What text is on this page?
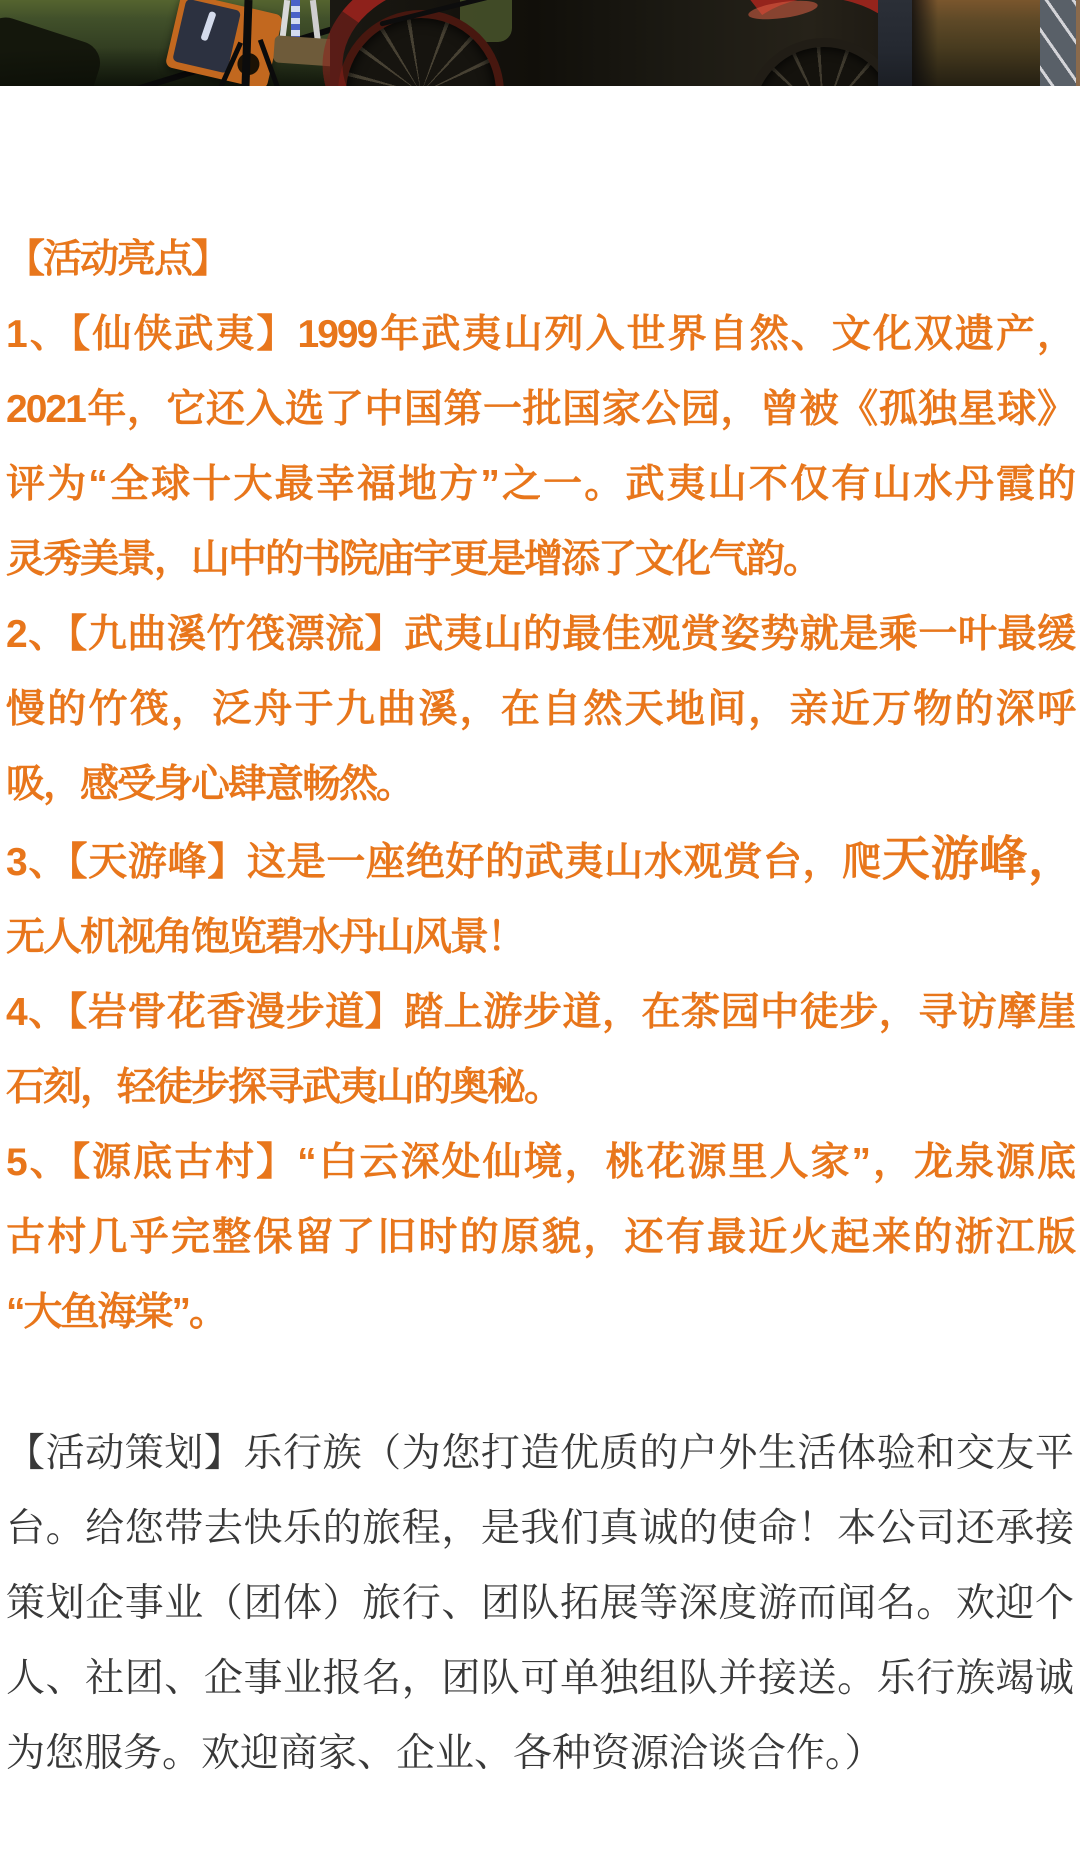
【活动亮点】
1、【仙侠武夷】1999年武夷山列入世界自然、文化双遗产，
2021年，它还入选了中国第一批国家公园，曾被《孤独星球》
评为“全球十大最幸福地方”之一。武夷山不仅有山水丹霞的
灵秀美景，山中的书院庙宇更是增添了文化气韵。
2、【九曲溪竹筏漂流】武夷山的最佳观赏姿势就是乘一叶最缓
慢的竹筏，泛舟于九曲溪，在自然天地间，亲近万物的深呼
吸，感受身心肆意畅然。
3、【天游峰】这是一座绝好的武夷山水观赏台，爬天游峰，
无人机视角饱览碧水丹山风景！
4、【岩骨花香漫步道】踏上游步道，在茶园中徒步，寻访摩崖
石刻，轻徒步探寻武夷山的奥秘。
5、【源底古村】“白云深处仙境，桃花源里人家”，龙泉源底
古村几乎完整保留了旧时的原貌，还有最近火起来的浙江版
“大鱼海棠”。
【活动策划】乐行族（为您打造优质的户外生活体验和交友平
台。给您带去快乐的旅程，是我们真诚的使命！本公司还承接
策划企事业（团体）旅行、团队拓展等深度游而闻名。欢迎个
人、社团、企事业报名，团队可单独组队并接送。乐行族竭诚
为您服务。欢迎商家、企业、各种资源洽谈合作。）
